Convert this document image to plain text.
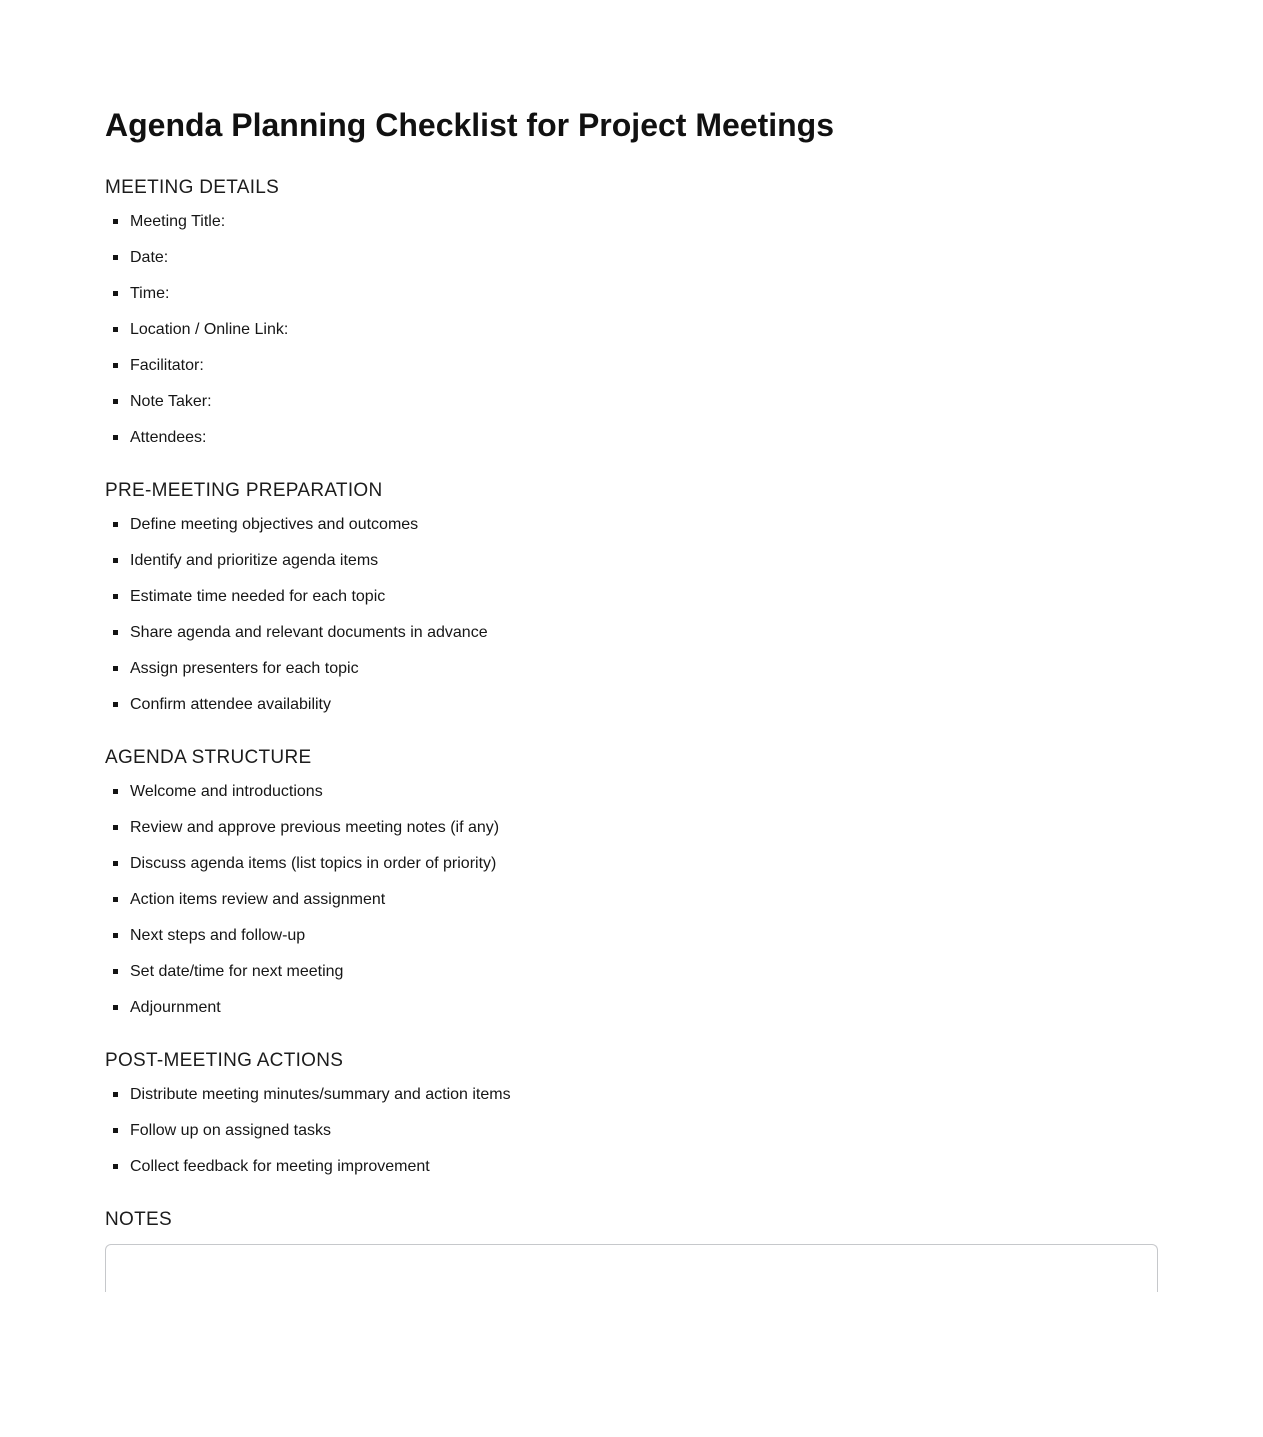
Agenda Planning Checklist for Project Meetings
MEETING DETAILS
Meeting Title:
Date:
Time:
Location / Online Link:
Facilitator:
Note Taker:
Attendees:
PRE-MEETING PREPARATION
Define meeting objectives and outcomes
Identify and prioritize agenda items
Estimate time needed for each topic
Share agenda and relevant documents in advance
Assign presenters for each topic
Confirm attendee availability
AGENDA STRUCTURE
Welcome and introductions
Review and approve previous meeting notes (if any)
Discuss agenda items (list topics in order of priority)
Action items review and assignment
Next steps and follow-up
Set date/time for next meeting
Adjournment
POST-MEETING ACTIONS
Distribute meeting minutes/summary and action items
Follow up on assigned tasks
Collect feedback for meeting improvement
NOTES
